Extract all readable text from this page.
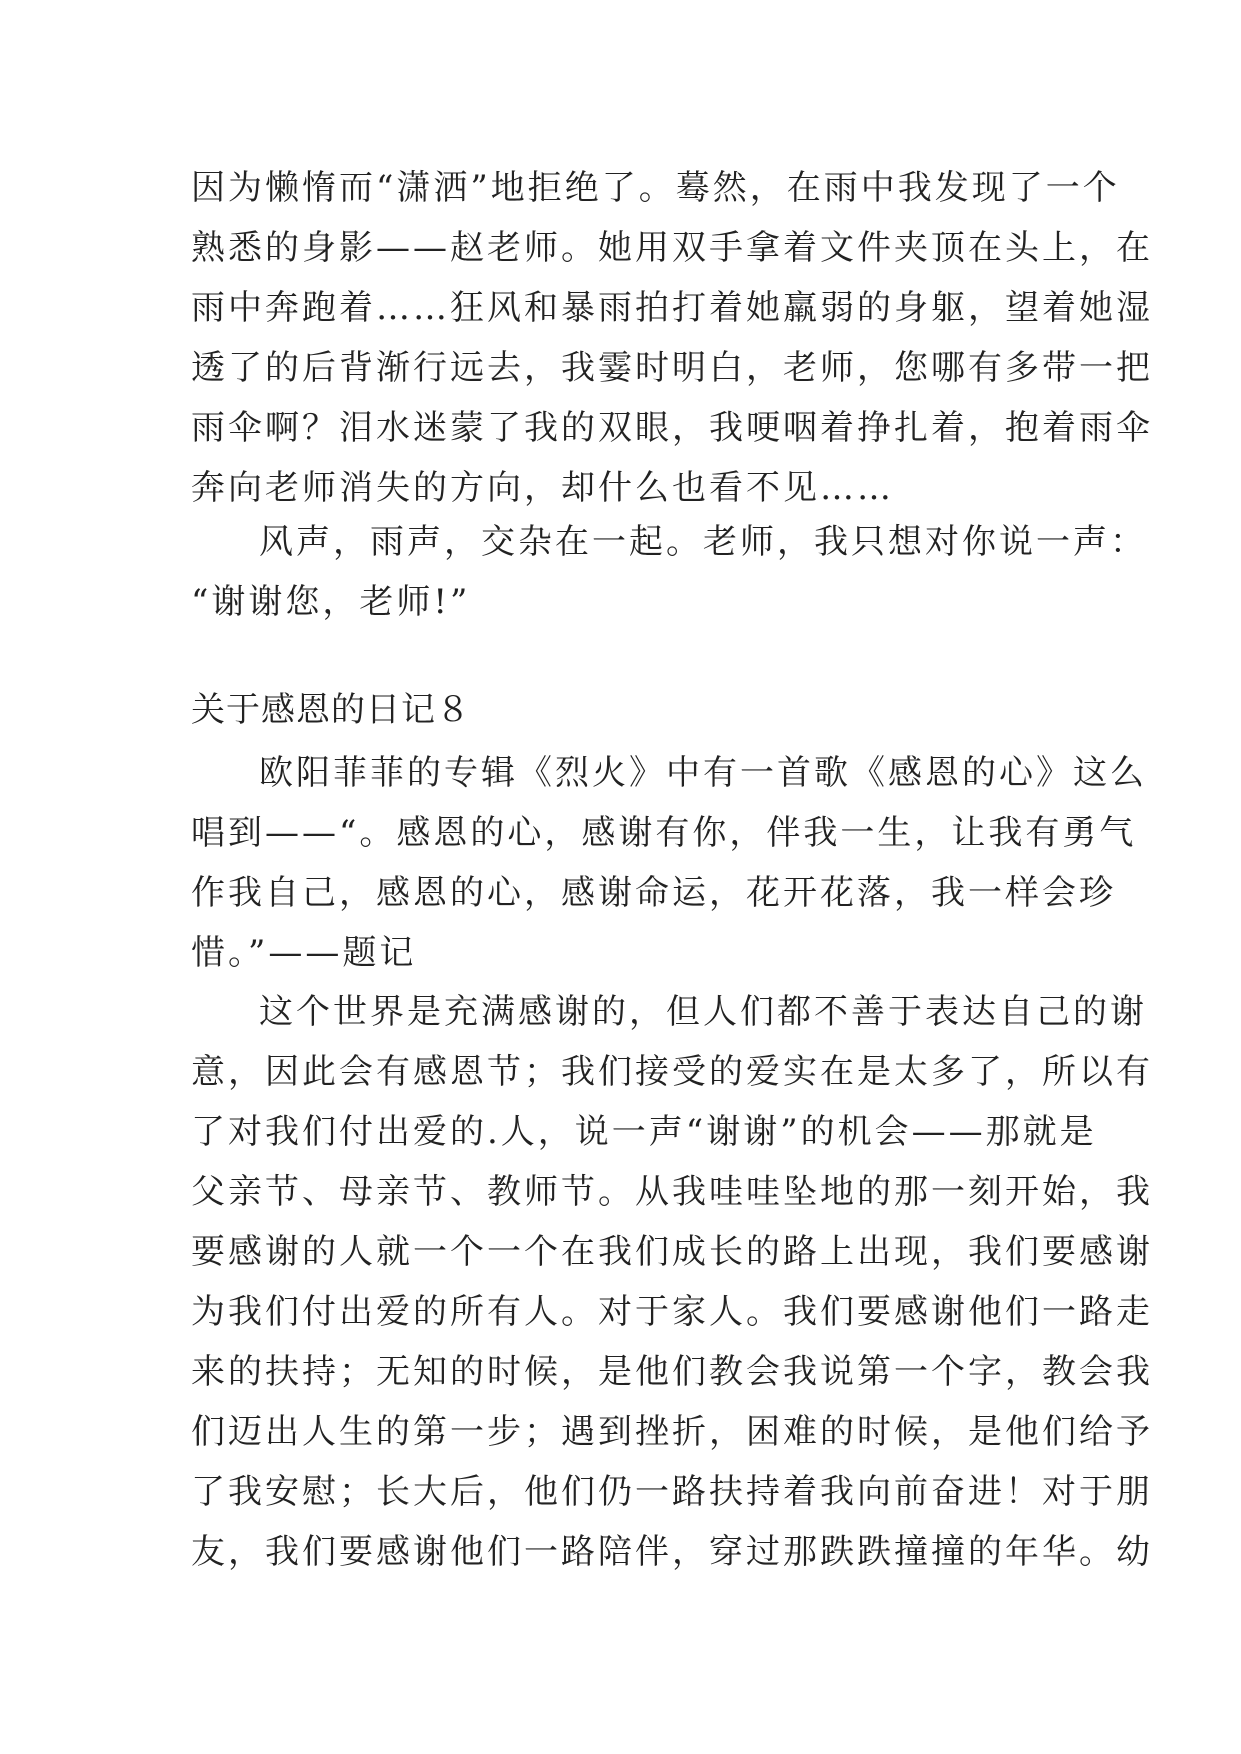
因为懒惰而“潇洒”地拒绝了。蓦然，在雨中我发现了一个
熟悉的身影——赵老师。她用双手拿着文件夹顶在头上，在
雨中奔跑着……狂风和暴雨拍打着她羸弱的身躯，望着她湿
透了的后背渐行远去，我霎时明白，老师，您哪有多带一把
雨伞啊？泪水迷蒙了我的双眼，我哽咽着挣扎着，抱着雨伞
奔向老师消失的方向，却什么也看不见……
风声，雨声，交杂在一起。老师，我只想对你说一声：
“谢谢您，老师!”
关于感恩的日记８
欧阳菲菲的专辑《烈火》中有一首歌《感恩的心》这么
唱到——“。感恩的心，感谢有你，伴我一生，让我有勇气
作我自己，感恩的心，感谢命运，花开花落，我一样会珍
惜。”——题记
这个世界是充满感谢的，但人们都不善于表达自己的谢
意，因此会有感恩节；我们接受的爱实在是太多了，所以有
了对我们付出爱的.人，说一声“谢谢”的机会——那就是
父亲节、母亲节、教师节。从我哇哇坠地的那一刻开始，我
要感谢的人就一个一个在我们成长的路上出现，我们要感谢
为我们付出爱的所有人。对于家人。我们要感谢他们一路走
来的扶持；无知的时候，是他们教会我说第一个字，教会我
们迈出人生的第一步；遇到挫折，困难的时候，是他们给予
了我安慰；长大后，他们仍一路扶持着我向前奋进！对于朋
友，我们要感谢他们一路陪伴，穿过那跌跌撞撞的年华。幼
